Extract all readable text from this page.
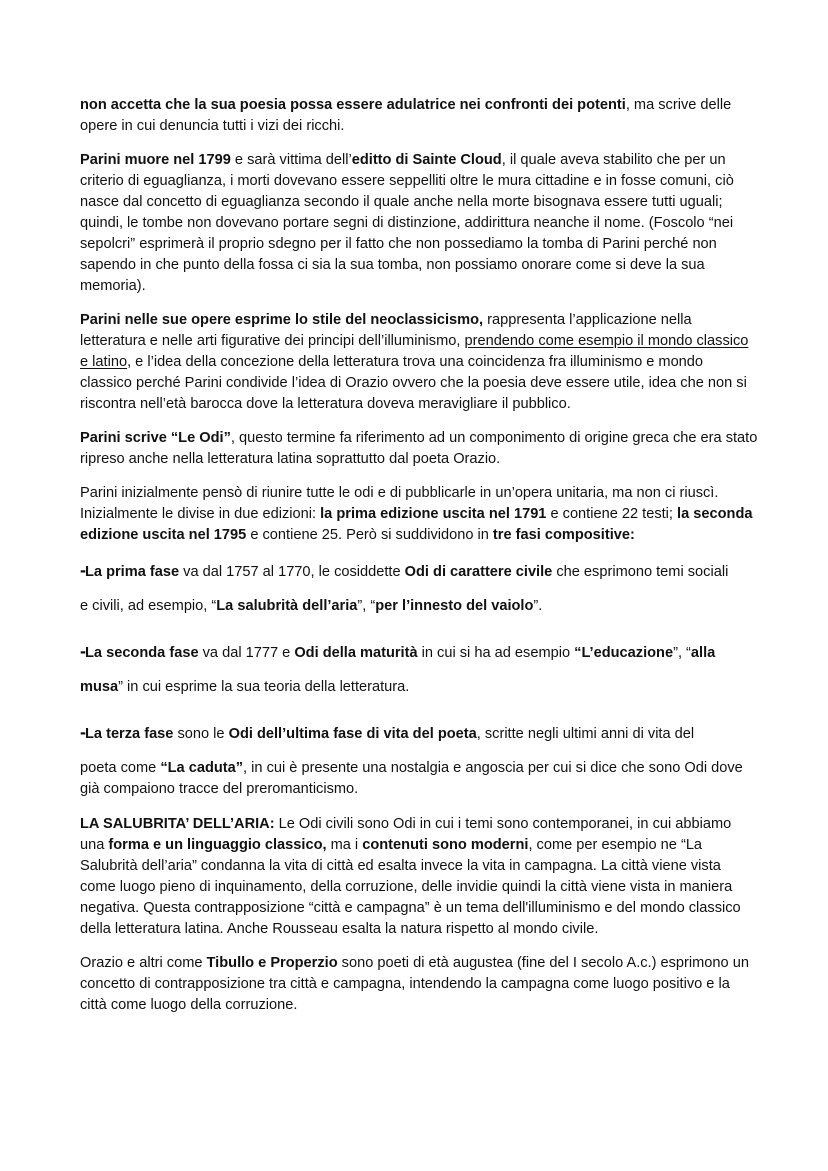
non accetta che la sua poesia possa essere adulatrice nei confronti dei potenti, ma scrive delle opere in cui denuncia tutti i vizi dei ricchi.

Parini muore nel 1799 e sarà vittima dell’editto di Sainte Cloud, il quale aveva stabilito che per un criterio di eguaglianza, i morti dovevano essere seppelliti oltre le mura cittadine e in fosse comuni, ciò nasce dal concetto di eguaglianza secondo il quale anche nella morte bisognava essere tutti uguali; quindi, le tombe non dovevano portare segni di distinzione, addirittura neanche il nome. (Foscolo “nei sepolcri” esprimerà il proprio sdegno per il fatto che non possediamo la tomba di Parini perché non sapendo in che punto della fossa ci sia la sua tomba, non possiamo onorare come si deve la sua memoria).

Parini nelle sue opere esprime lo stile del neoclassicismo, rappresenta l’applicazione nella letteratura e nelle arti figurative dei principi dell’illuminismo, prendendo come esempio il mondo classico e latino, e l’idea della concezione della letteratura trova una coincidenza fra illuminismo e mondo classico perché Parini condivide l’idea di Orazio ovvero che la poesia deve essere utile, idea che non si riscontra nell’età barocca dove la letteratura doveva meravigliare il pubblico.

Parini scrive “Le Odi”, questo termine fa riferimento ad un componimento di origine greca che era stato ripreso anche nella letteratura latina soprattutto dal poeta Orazio.

Parini inizialmente pensò di riunire tutte le odi e di pubblicarle in un’opera unitaria, ma non ci riuscì. Inizialmente le divise in due edizioni: la prima edizione uscita nel 1791 e contiene 22 testi; la seconda edizione uscita nel 1795 e contiene 25. Però si suddividono in tre fasi compositive:

-La prima fase va dal 1757 al 1770, le cosiddette Odi di carattere civile che esprimono temi sociali
e civili, ad esempio, “La salubrità dell’aria”, “per l’innesto del vaiolo”.
-La seconda fase va dal 1777 e Odi della maturità in cui si ha ad esempio “L’educazione”, “alla
musa” in cui esprime la sua teoria della letteratura.
-La terza fase sono le Odi dell’ultima fase di vita del poeta, scritte negli ultimi anni di vita del
poeta come “La caduta”, in cui è presente una nostalgia e angoscia per cui si dice che sono Odi dove già compaiono tracce del preromanticismo.

LA SALUBRITA’ DELL’ARIA: Le Odi civili sono Odi in cui i temi sono contemporanei, in cui abbiamo una forma e un linguaggio classico, ma i contenuti sono moderni, come per esempio ne “La Salubrità dell’aria” condanna la vita di città ed esalta invece la vita in campagna. La città viene vista come luogo pieno di inquinamento, della corruzione, delle invidie quindi la città viene vista in maniera negativa. Questa contrapposizione “città e campagna” è un tema dell'illuminismo e del mondo classico della letteratura latina. Anche Rousseau esalta la natura rispetto al mondo civile.

Orazio e altri come Tibullo e Properzio sono poeti di età augustea (fine del I secolo A.c.) esprimono un concetto di contrapposizione tra città e campagna, intendendo la campagna come luogo positivo e la città come luogo della corruzione.
